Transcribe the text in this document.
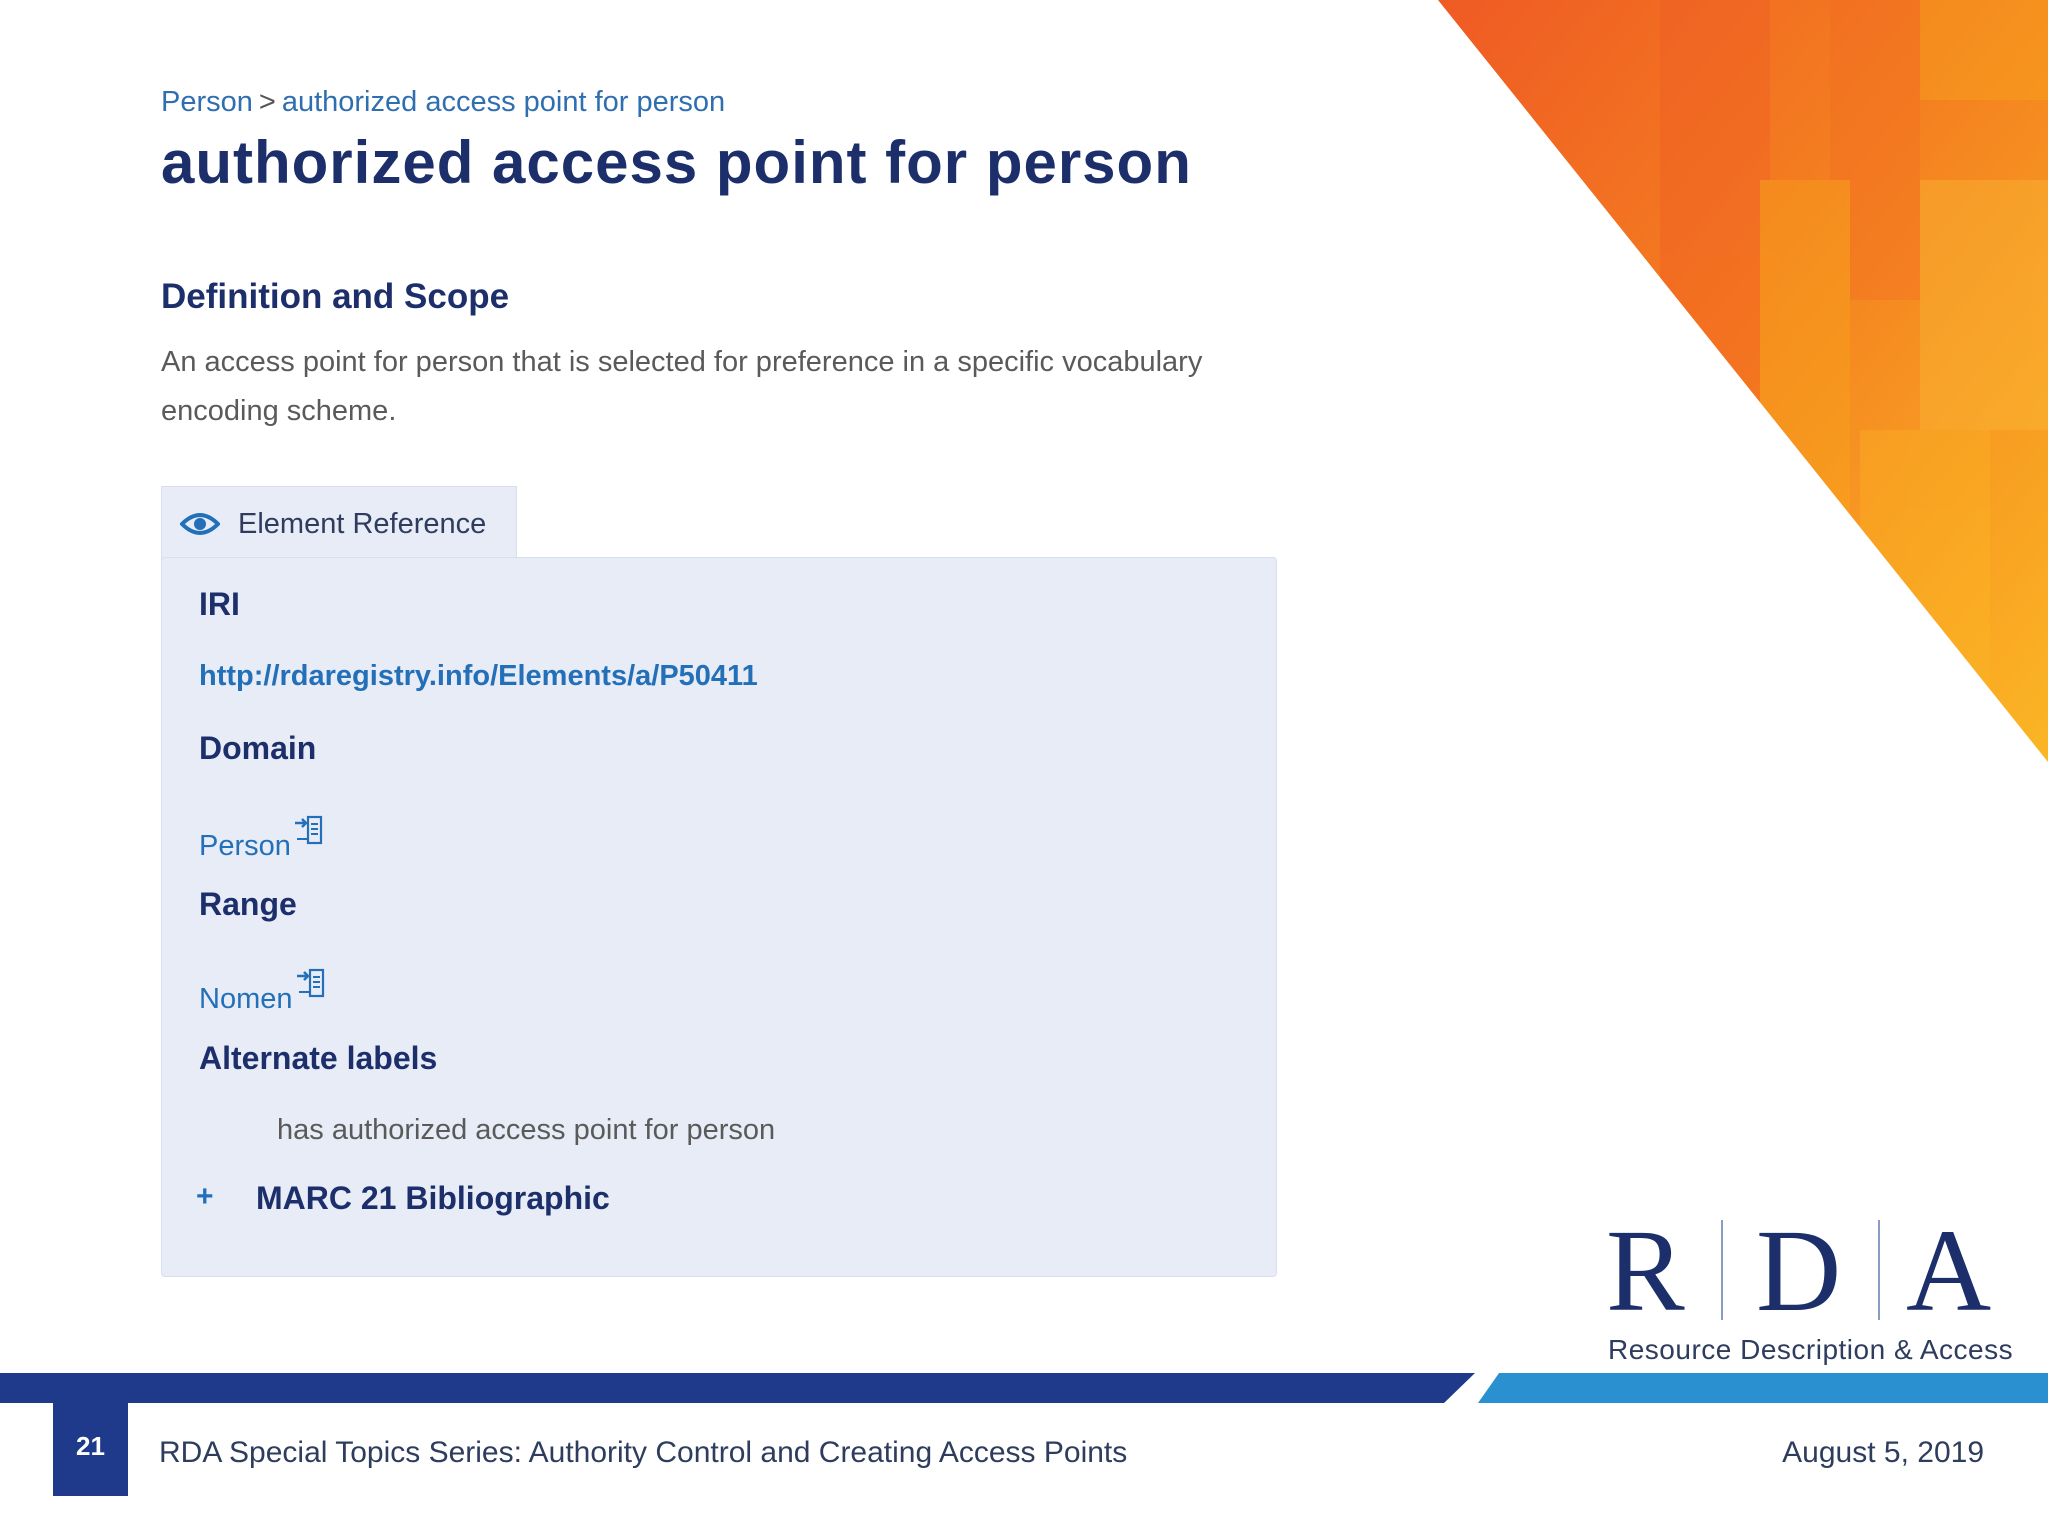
Person > authorized access point for person
authorized access point for person
Definition and Scope
An access point for person that is selected for preference in a specific vocabulary encoding scheme.
Element Reference
IRI
http://rdaregistry.info/Elements/a/P50411
Domain
Person
Range
Nomen
Alternate labels
has authorized access point for person
+ MARC 21 Bibliographic
R D A
Resource Description & Access
21	RDA Special Topics Series: Authority Control and Creating Access Points	August 5, 2019
